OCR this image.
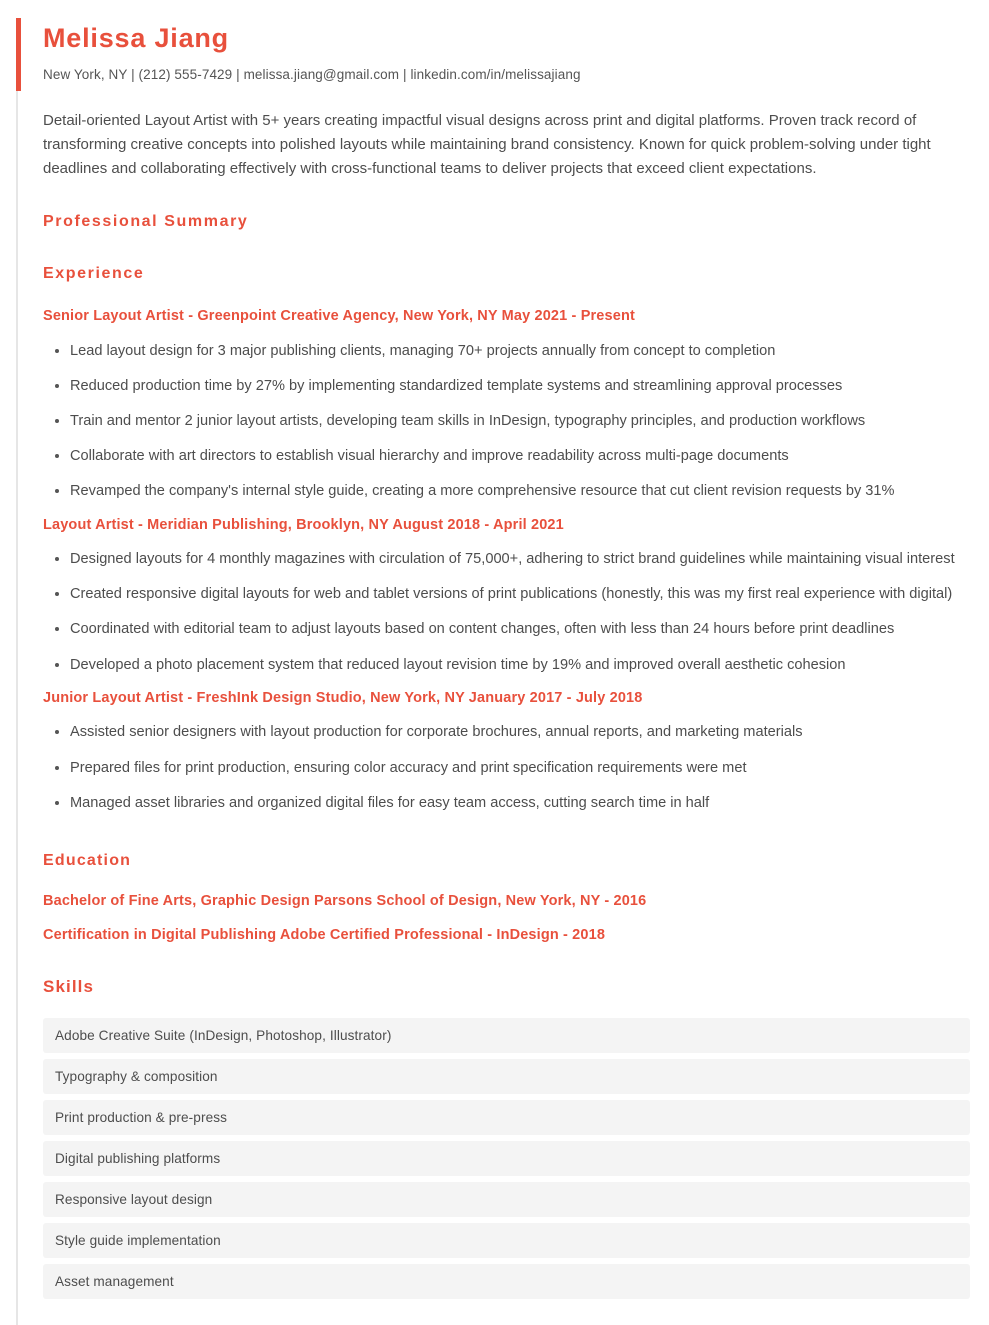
Melissa Jiang
New York, NY | (212) 555-7429 | melissa.jiang@gmail.com | linkedin.com/in/melissajiang

Detail-oriented Layout Artist with 5+ years creating impactful visual designs across print and digital platforms. Proven track record of transforming creative concepts into polished layouts while maintaining brand consistency. Known for quick problem-solving under tight deadlines and collaborating effectively with cross-functional teams to deliver projects that exceed client expectations.

Professional Summary
Experience
Senior Layout Artist - Greenpoint Creative Agency, New York, NY May 2021 - Present
Lead layout design for 3 major publishing clients, managing 70+ projects annually from concept to completion
Reduced production time by 27% by implementing standardized template systems and streamlining approval processes
Train and mentor 2 junior layout artists, developing team skills in InDesign, typography principles, and production workflows
Collaborate with art directors to establish visual hierarchy and improve readability across multi-page documents
Revamped the company's internal style guide, creating a more comprehensive resource that cut client revision requests by 31%
Layout Artist - Meridian Publishing, Brooklyn, NY August 2018 - April 2021
Designed layouts for 4 monthly magazines with circulation of 75,000+, adhering to strict brand guidelines while maintaining visual interest
Created responsive digital layouts for web and tablet versions of print publications (honestly, this was my first real experience with digital)
Coordinated with editorial team to adjust layouts based on content changes, often with less than 24 hours before print deadlines
Developed a photo placement system that reduced layout revision time by 19% and improved overall aesthetic cohesion
Junior Layout Artist - FreshInk Design Studio, New York, NY January 2017 - July 2018
Assisted senior designers with layout production for corporate brochures, annual reports, and marketing materials
Prepared files for print production, ensuring color accuracy and print specification requirements were met
Managed asset libraries and organized digital files for easy team access, cutting search time in half
Education
Bachelor of Fine Arts, Graphic Design Parsons School of Design, New York, NY - 2016
Certification in Digital Publishing Adobe Certified Professional - InDesign - 2018
Skills
Adobe Creative Suite (InDesign, Photoshop, Illustrator)
Typography & composition
Print production & pre-press
Digital publishing platforms
Responsive layout design
Style guide implementation
Asset management
